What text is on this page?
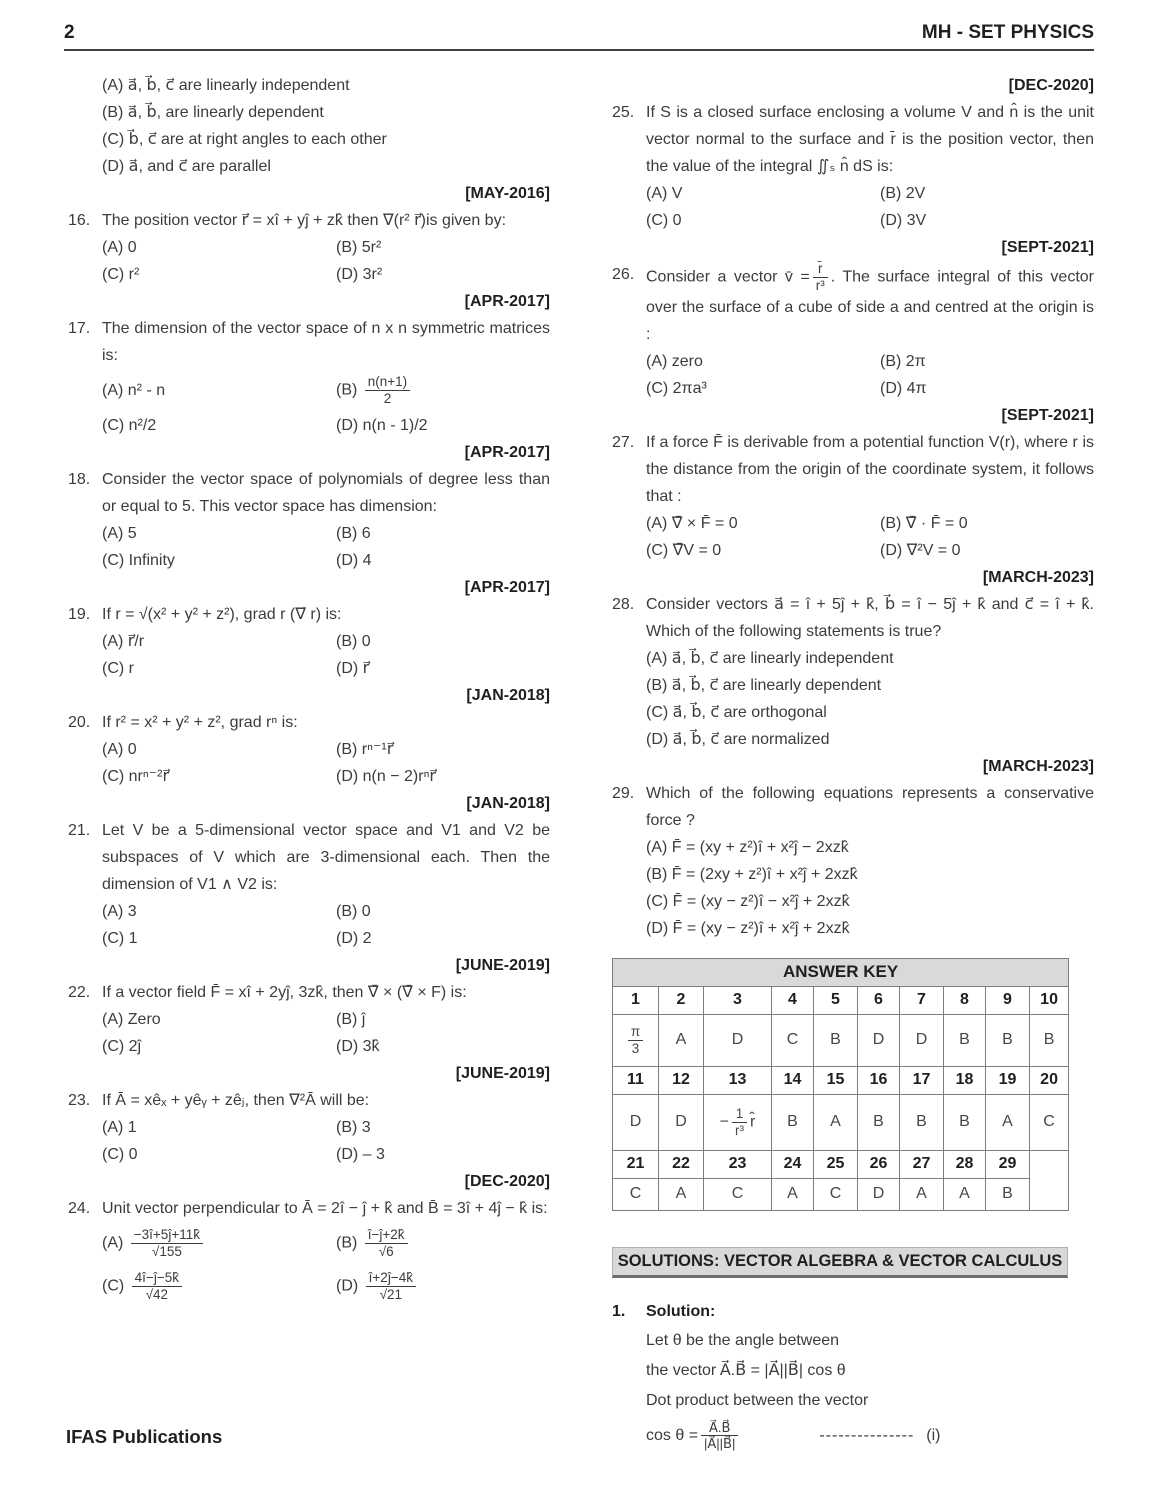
2	MH - SET PHYSICS
(A) a⃗, b⃗, c⃗ are linearly independent
(B) a⃗, b⃗, are linearly dependent
(C) b⃗, c⃗ are at right angles to each other
(D) a⃗, and c⃗ are parallel
[MAY-2016]
16. The position vector r⃗ = xî + yĵ + zk̂ then ∇(r² r⃗)is given by:
(A) 0	(B) 5r²
(C) r²	(D) 3r²
[APR-2017]
17. The dimension of the vector space of n x n symmetric matrices is:
(A) n² - n	$(B) \frac{n(n+1)}{2}$
(C) n²/2	(D) n(n - 1)/2
[APR-2017]
18. Consider the vector space of polynomials of degree less than or equal to 5. This vector space has dimension:
(A) 5	(B) 6
(C) Infinity	(D) 4
[APR-2017]
19. If r = √(x² + y² + z²), grad r (∇⃗ r) is:
(A) r⃗/r	(B) 0
(C) r	(D) r⃗
[JAN-2018]
20. If r² = x² + y² + z², grad rⁿ is:
(A) 0	(B) rⁿ⁻¹r⃗
(C) nrⁿ⁻²r⃗	(D) n(n − 2)rⁿr⃗
[JAN-2018]
21. Let V be a 5-dimensional vector space and V1 and V2 be subspaces of V which are 3-dimensional each. Then the dimension of V1 ∧ V2 is:
(A) 3	(B) 0
(C) 1	(D) 2
[JUNE-2019]
22. If a vector field F̄ = xî + 2yĵ, 3zk̂, then ∇̄ × (∇̄ × F) is:
(A) Zero	(B) ĵ
(C) 2ĵ	(D) 3k̂
[JUNE-2019]
23. If Ā = xêₓ + yêᵧ + zêⱼ, then ∇²Ā will be:
(A) 1	(B) 3
(C) 0	(D) – 3
[DEC-2020]
24. Unit vector perpendicular to Ā = 2î − ĵ + k̂ and B̄ = 3î + 4ĵ − k̂ is:
$(A) \frac{-3î+5ĵ+11k̂}{√155}$	$(B) \frac{î-ĵ+2k̂}{√6}$
$(C) \frac{4î-ĵ-5k̂}{√42}$	$(D) \frac{î+2ĵ-4k̂}{√21}$
[DEC-2020]
25. If S is a closed surface enclosing a volume V and n̂ is the unit vector normal to the surface and r̄ is the position vector, then the value of the integral ∬ₛ n̂ dS is:
(A) V	(B) 2V
(C) 0	(D) 3V
[SEPT-2021]
26. Consider a vector v̄ = $\frac{r̄}{\text{r³}}$ . The surface integral of this vector over the surface of a cube of side a and centred at the origin is :
(A) zero	(B) 2π
(C) 2πa³	(D) 4π
[SEPT-2021]
27. If a force F̄ is derivable from a potential function V(r), where r is the distance from the origin of the coordinate system, it follows that :
(A) ∇̄ × F̄ = 0	(B) ∇̄ · F̄ = 0
(C) ∇̄V = 0	(D) ∇²V = 0
[MARCH-2023]
28. Consider vectors a⃗ = î + 5ĵ + k̂, b⃗ = î − 5ĵ + k̂ and c⃗ = î + k̂. Which of the following statements is true?
(A) a⃗, b⃗, c⃗ are linearly independent
(B) a⃗, b⃗, c⃗ are linearly dependent
(C) a⃗, b⃗, c⃗ are orthogonal
(D) a⃗, b⃗, c⃗ are normalized
[MARCH-2023]
29. Which of the following equations represents a conservative force ?
(A) F̄ = (xy + z²)î + x²ĵ − 2xzk̂
(B) F̄ = (2xy + z²)î + x²ĵ + 2xzk̂
(C) F̄ = (xy − z²)î − x²ĵ + 2xzk̂
(D) F̄ = (xy − z²)î + x²ĵ + 2xzk̂
ANSWER KEY									
1	2	3	4	5	6	7	8	9	10

$\frac{\pi}{3}$	A	D	C	B	D	D	B	B	B
11	12	13	14	15	16	17	18	19	20
D	D	− $\frac{1}{\text{r³}}$ r̂	B	A	B	B	B	A	C
21	22	23	24	25	26	27	28	29	
C	A	C	A	C	D	A	A	B	
SOLUTIONS: VECTOR ALGEBRA & VECTOR CALCULUS
1.	Solution:
Let θ be the angle between
the vector A⃗.B⃗ = |A⃗||B⃗| cos θ
Dot product between the vector
$\cos \theta = \frac{A⃗.B⃗}{|A⃗||B⃗|}$	--------------- (i)
IFAS Publications
